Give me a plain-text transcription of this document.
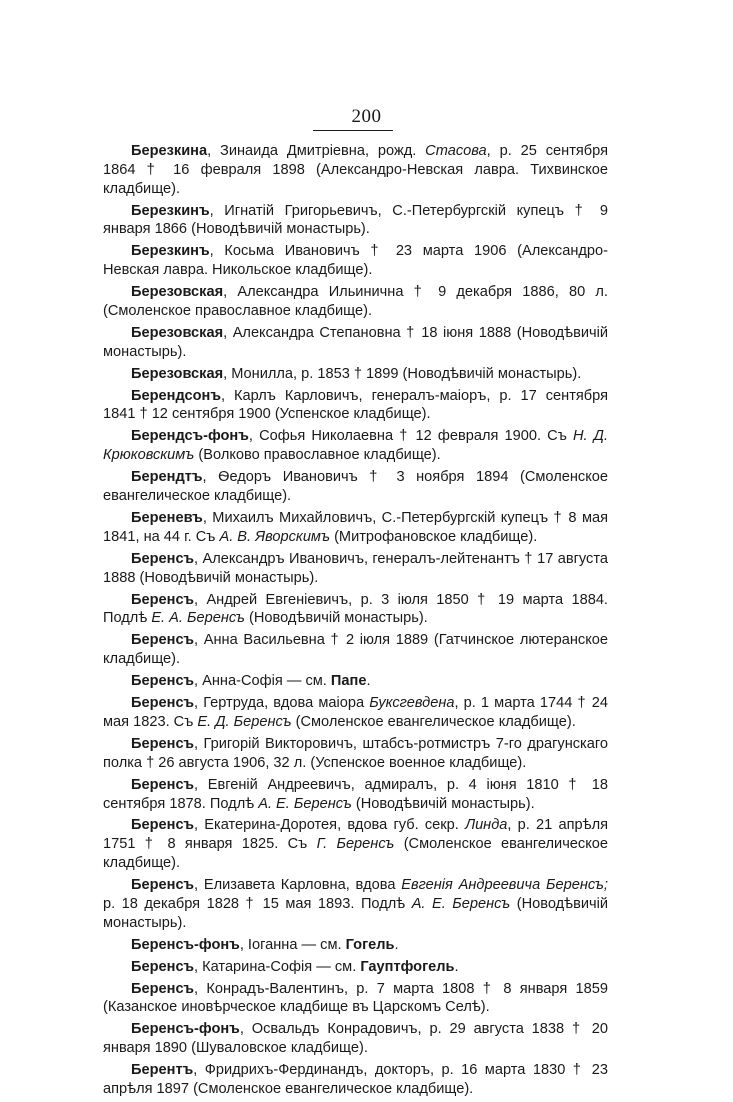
200

Березкина, Зинаида Дмитріевна, рожд. Стасова, р. 25 сентября 1864 † 16 февраля 1898 (Александро-Невская лавра. Тихвинское кладбище).

Березкинъ, Игнатій Григорьевичъ, С.-Петербургскій купецъ † 9 января 1866 (Новодѣвичій монастырь).

Березкинъ, Косьма Ивановичъ † 23 марта 1906 (Александро-Невская лавра. Никольское кладбище).

Березовская, Александра Ильинична † 9 декабря 1886, 80 л. (Смоленское православное кладбище).

Березовская, Александра Степановна † 18 іюня 1888 (Новодѣвичій монастырь).

Березовская, Монилла, р. 1853 † 1899 (Новодѣвичій монастырь).

Берендсонъ, Карлъ Карловичъ, генералъ-маіоръ, р. 17 сентября 1841 † 12 сентября 1900 (Успенское кладбище).

Берендсъ-фонъ, Софья Николаевна † 12 февраля 1900. Съ Н. Д. Крюковскимъ (Волково православное кладбище).

Берендтъ, Ѳедоръ Ивановичъ † 3 ноября 1894 (Смоленское евангелическое кладбище).

Береневъ, Михаилъ Михайловичъ, С.-Петербургскій купецъ † 8 мая 1841, на 44 г. Съ А. В. Яворскимъ (Митрофановское кладбище).

Беренсъ, Александръ Ивановичъ, генералъ-лейтенантъ † 17 августа 1888 (Новодѣвичій монастырь).

Беренсъ, Андрей Евгеніевичъ, р. 3 іюля 1850 † 19 марта 1884. Подлѣ Е. А. Беренсъ (Новодѣвичій монастырь).

Беренсъ, Анна Васильевна † 2 іюля 1889 (Гатчинское лютеранское кладбище).

Беренсъ, Анна-Софія — см. Папе.

Беренсъ, Гертруда, вдова маіора Буксгевдена, р. 1 марта 1744 † 24 мая 1823. Съ Е. Д. Беренсъ (Смоленское евангелическое кладбище).

Беренсъ, Григорій Викторовичъ, штабсъ-ротмистръ 7-го драгунскаго полка † 26 августа 1906, 32 л. (Успенское военное кладбище).

Беренсъ, Евгеній Андреевичъ, адмиралъ, р. 4 іюня 1810 † 18 сентября 1878. Подлѣ А. Е. Беренсъ (Новодѣвичій монастырь).

Беренсъ, Екатерина-Доротея, вдова губ. секр. Линда, р. 21 апрѣля 1751 † 8 января 1825. Съ Г. Беренсъ (Смоленское евангелическое кладбище).

Беренсъ, Елизавета Карловна, вдова Евгенія Андреевича Беренсъ; р. 18 декабря 1828 † 15 мая 1893. Подлѣ А. Е. Беренсъ (Новодѣвичій монастырь).

Беренсъ-фонъ, Іоганна — см. Гогель.

Беренсъ, Катарина-Софія — см. Гауптфогель.

Беренсъ, Конрадъ-Валентинъ, р. 7 марта 1808 † 8 января 1859 (Казанское иновѣрческое кладбище въ Царскомъ Селѣ).

Беренсъ-фонъ, Освальдъ Конрадовичъ, р. 29 августа 1838 † 20 января 1890 (Шуваловское кладбище).

Берентъ, Фридрихъ-Фердинандъ, докторъ, р. 16 марта 1830 † 23 апрѣля 1897 (Смоленское евангелическое кладбище).
